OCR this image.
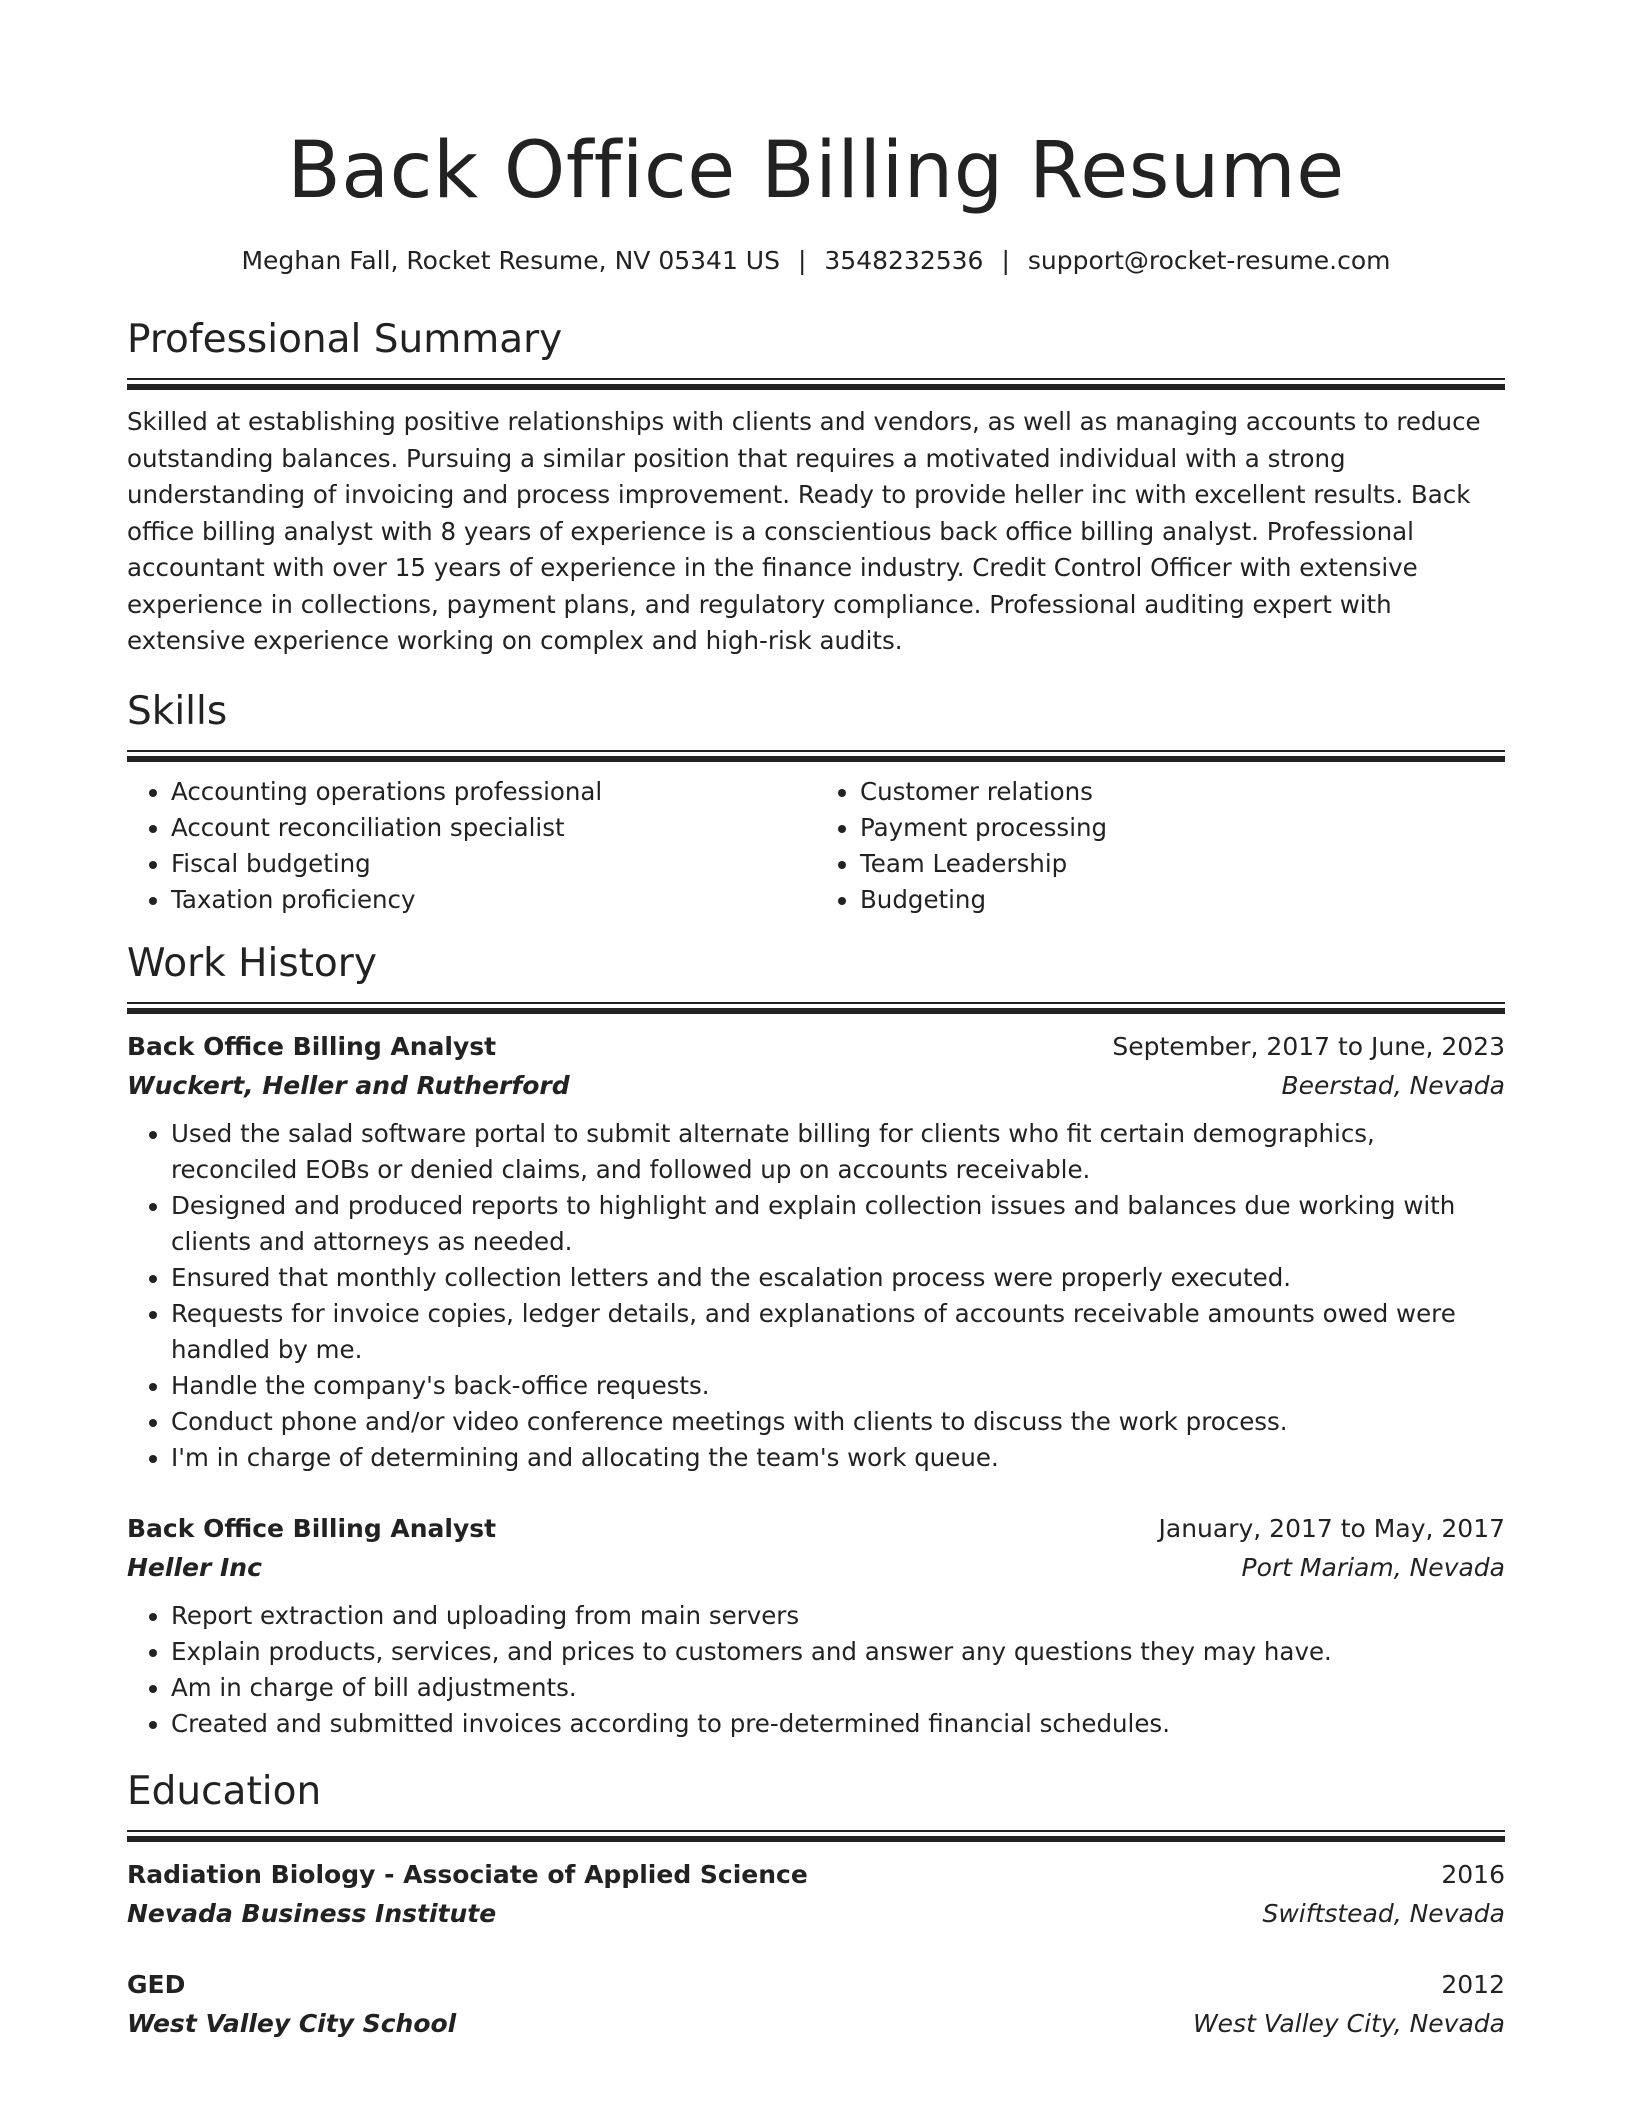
Back Office Billing Resume
Meghan Fall, Rocket Resume, NV 05341 US | 3548232536 | support@rocket-resume.com
Professional Summary

Skilled at establishing positive relationships with clients and vendors, as well as managing accounts to reduce outstanding balances. Pursuing a similar position that requires a motivated individual with a strong understanding of invoicing and process improvement. Ready to provide heller inc with excellent results. Back office billing analyst with 8 years of experience is a conscientious back office billing analyst. Professional accountant with over 15 years of experience in the finance industry. Credit Control Officer with extensive experience in collections, payment plans, and regulatory compliance. Professional auditing expert with extensive experience working on complex and high-risk audits.

Skills
• Accounting operations professional
• Account reconciliation specialist
• Fiscal budgeting
• Taxation proficiency
• Customer relations
• Payment processing
• Team Leadership
• Budgeting
Work History
Back Office Billing Analyst	September, 2017 to June, 2023
Wuckert, Heller and Rutherford	Beerstad, Nevada
• Used the salad software portal to submit alternate billing for clients who fit certain demographics, reconciled EOBs or denied claims, and followed up on accounts receivable.
• Designed and produced reports to highlight and explain collection issues and balances due working with clients and attorneys as needed.
• Ensured that monthly collection letters and the escalation process were properly executed.
• Requests for invoice copies, ledger details, and explanations of accounts receivable amounts owed were handled by me.
• Handle the company's back-office requests.
• Conduct phone and/or video conference meetings with clients to discuss the work process.
• I'm in charge of determining and allocating the team's work queue.
Back Office Billing Analyst	January, 2017 to May, 2017
Heller Inc	Port Mariam, Nevada
• Report extraction and uploading from main servers
• Explain products, services, and prices to customers and answer any questions they may have.
• Am in charge of bill adjustments.
• Created and submitted invoices according to pre-determined financial schedules.
Education
Radiation Biology - Associate of Applied Science	2016
Nevada Business Institute	Swiftstead, Nevada
GED	2012
West Valley City School	West Valley City, Nevada
